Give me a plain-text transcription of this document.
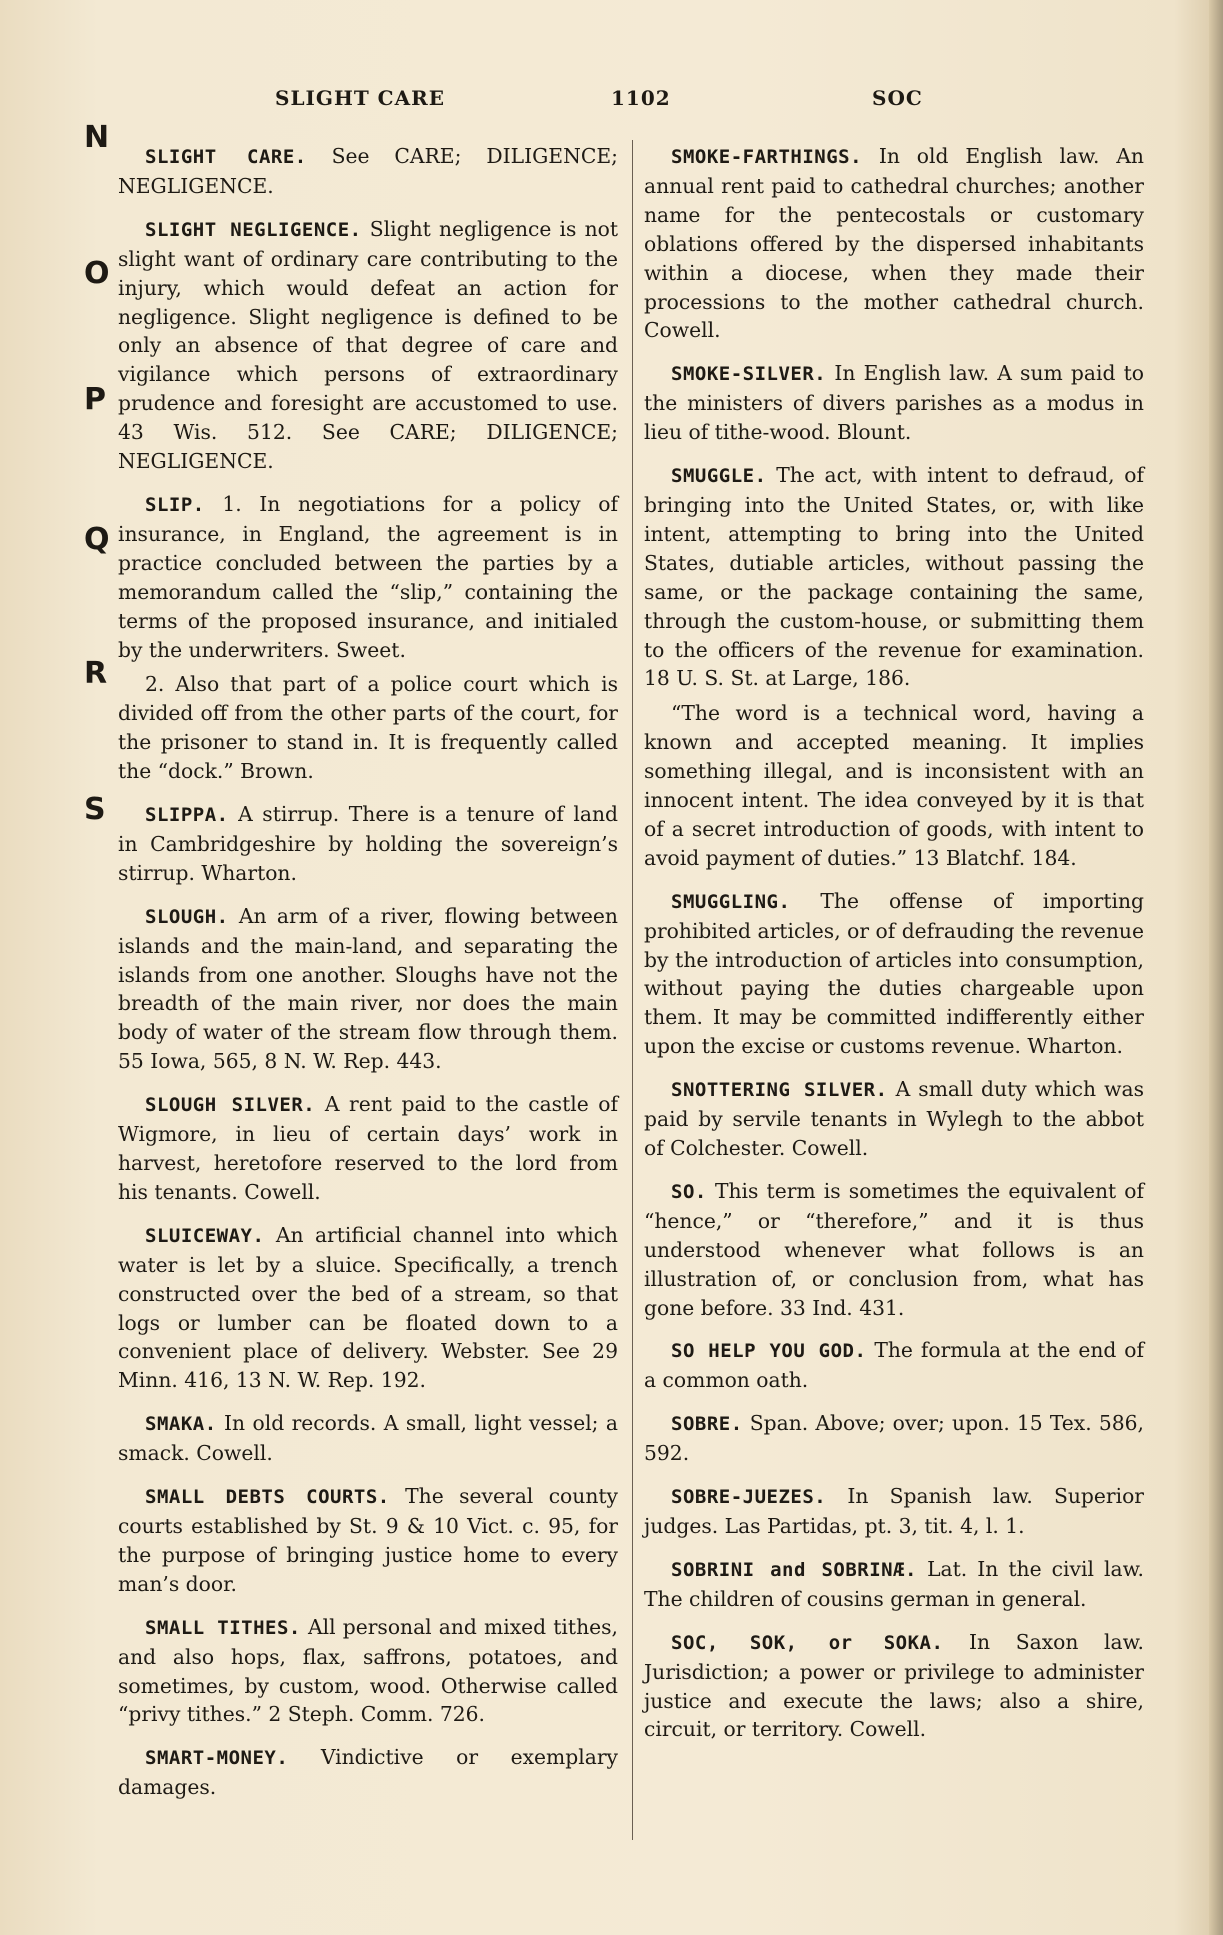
SLIGHT CARE	1102	SOC
N
O
P
Q
R
S

SLIGHT CARE. See CARE; DILIGENCE; NEGLIGENCE.

SLIGHT NEGLIGENCE. Slight negligence is not slight want of ordinary care contributing to the injury, which would defeat an action for negligence. Slight negligence is defined to be only an absence of that degree of care and vigilance which persons of extraordinary prudence and foresight are accustomed to use. 43 Wis. 512. See CARE; DILIGENCE; NEGLIGENCE.

SLIP. 1. In negotiations for a policy of insurance, in England, the agreement is in practice concluded between the parties by a memorandum called the “slip,” containing the terms of the proposed insurance, and initialed by the underwriters. Sweet.

2. Also that part of a police court which is divided off from the other parts of the court, for the prisoner to stand in. It is frequently called the “dock.” Brown.

SLIPPA. A stirrup. There is a tenure of land in Cambridgeshire by holding the sovereign’s stirrup. Wharton.

SLOUGH. An arm of a river, flowing between islands and the main-land, and separating the islands from one another. Sloughs have not the breadth of the main river, nor does the main body of water of the stream flow through them. 55 Iowa, 565, 8 N. W. Rep. 443.

SLOUGH SILVER. A rent paid to the castle of Wigmore, in lieu of certain days’ work in harvest, heretofore reserved to the lord from his tenants. Cowell.

SLUICEWAY. An artificial channel into which water is let by a sluice. Specifically, a trench constructed over the bed of a stream, so that logs or lumber can be floated down to a convenient place of delivery. Webster. See 29 Minn. 416, 13 N. W. Rep. 192.

SMAKA. In old records. A small, light vessel; a smack. Cowell.

SMALL DEBTS COURTS. The several county courts established by St. 9 & 10 Vict. c. 95, for the purpose of bringing justice home to every man’s door.

SMALL TITHES. All personal and mixed tithes, and also hops, flax, saffrons, potatoes, and sometimes, by custom, wood. Otherwise called “privy tithes.” 2 Steph. Comm. 726.

SMART-MONEY. Vindictive or exemplary damages.

SMOKE-FARTHINGS. In old English law. An annual rent paid to cathedral churches; another name for the pentecostals or customary oblations offered by the dispersed inhabitants within a diocese, when they made their processions to the mother cathedral church. Cowell.

SMOKE-SILVER. In English law. A sum paid to the ministers of divers parishes as a modus in lieu of tithe-wood. Blount.

SMUGGLE. The act, with intent to defraud, of bringing into the United States, or, with like intent, attempting to bring into the United States, dutiable articles, without passing the same, or the package containing the same, through the custom-house, or submitting them to the officers of the revenue for examination. 18 U. S. St. at Large, 186.

“The word is a technical word, having a known and accepted meaning. It implies something illegal, and is inconsistent with an innocent intent. The idea conveyed by it is that of a secret introduction of goods, with intent to avoid payment of duties.” 13 Blatchf. 184.

SMUGGLING. The offense of importing prohibited articles, or of defrauding the revenue by the introduction of articles into consumption, without paying the duties chargeable upon them. It may be committed indifferently either upon the excise or customs revenue. Wharton.

SNOTTERING SILVER. A small duty which was paid by servile tenants in Wylegh to the abbot of Colchester. Cowell.

SO. This term is sometimes the equivalent of “hence,” or “therefore,” and it is thus understood whenever what follows is an illustration of, or conclusion from, what has gone before. 33 Ind. 431.

SO HELP YOU GOD. The formula at the end of a common oath.

SOBRE. Span. Above; over; upon. 15 Tex. 586, 592.

SOBRE-JUEZES. In Spanish law. Superior judges. Las Partidas, pt. 3, tit. 4, l. 1.

SOBRINI and SOBRINÆ. Lat. In the civil law. The children of cousins german in general.

SOC, SOK, or SOKA. In Saxon law. Jurisdiction; a power or privilege to administer justice and execute the laws; also a shire, circuit, or territory. Cowell.
